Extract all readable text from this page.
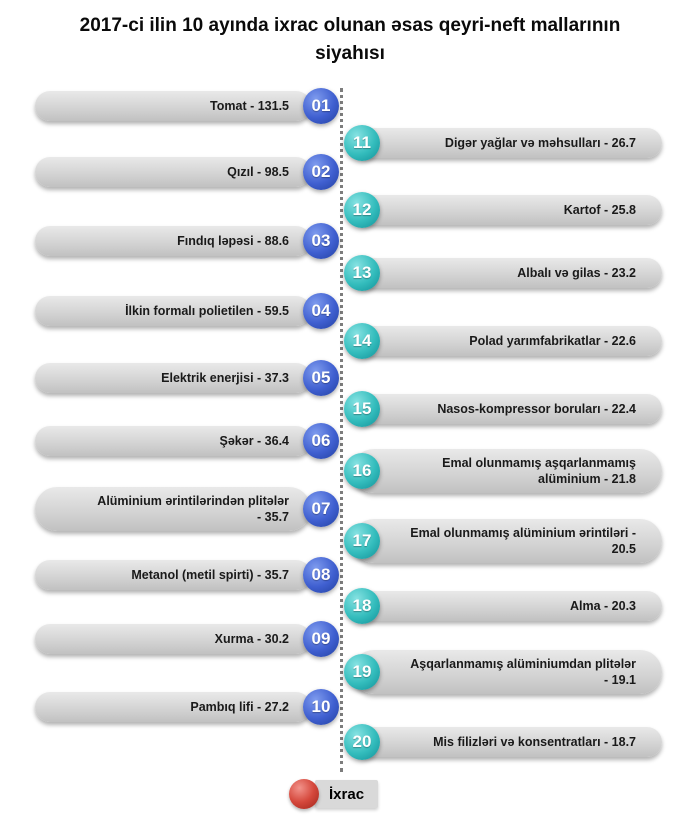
2017-ci ilin 10 ayında ixrac olunan əsas qeyri-neft mallarının siyahısı
Tomat - 131.5	01
Digər yağlar və məhsulları - 26.7
11
Qızıl - 98.5	02
Kartof - 25.8
12
Fındıq ləpəsi - 88.6	03
Albalı və gilas - 23.2
13
İlkin formalı polietilen - 59.5	04
Polad yarımfabrikatlar - 22.6
14
Elektrik enerjisi - 37.3	05
Nasos-kompressor boruları - 22.4
15
Şəkər - 36.4	06
Emal olunmamış aşqarlanmamış alüminium - 21.8
16
Alüminium ərintilərindən plitələr - 35.7	07
Emal olunmamış alüminium ərintiləri - 20.5
17
Metanol (metil spirti) - 35.7	08
Alma - 20.3
18
Xurma - 30.2	09
Aşqarlanmamış alüminiumdan plitələr - 19.1
19
Pambıq lifi - 27.2	10
Mis filizləri və konsentratları - 18.7
20
İxrac
